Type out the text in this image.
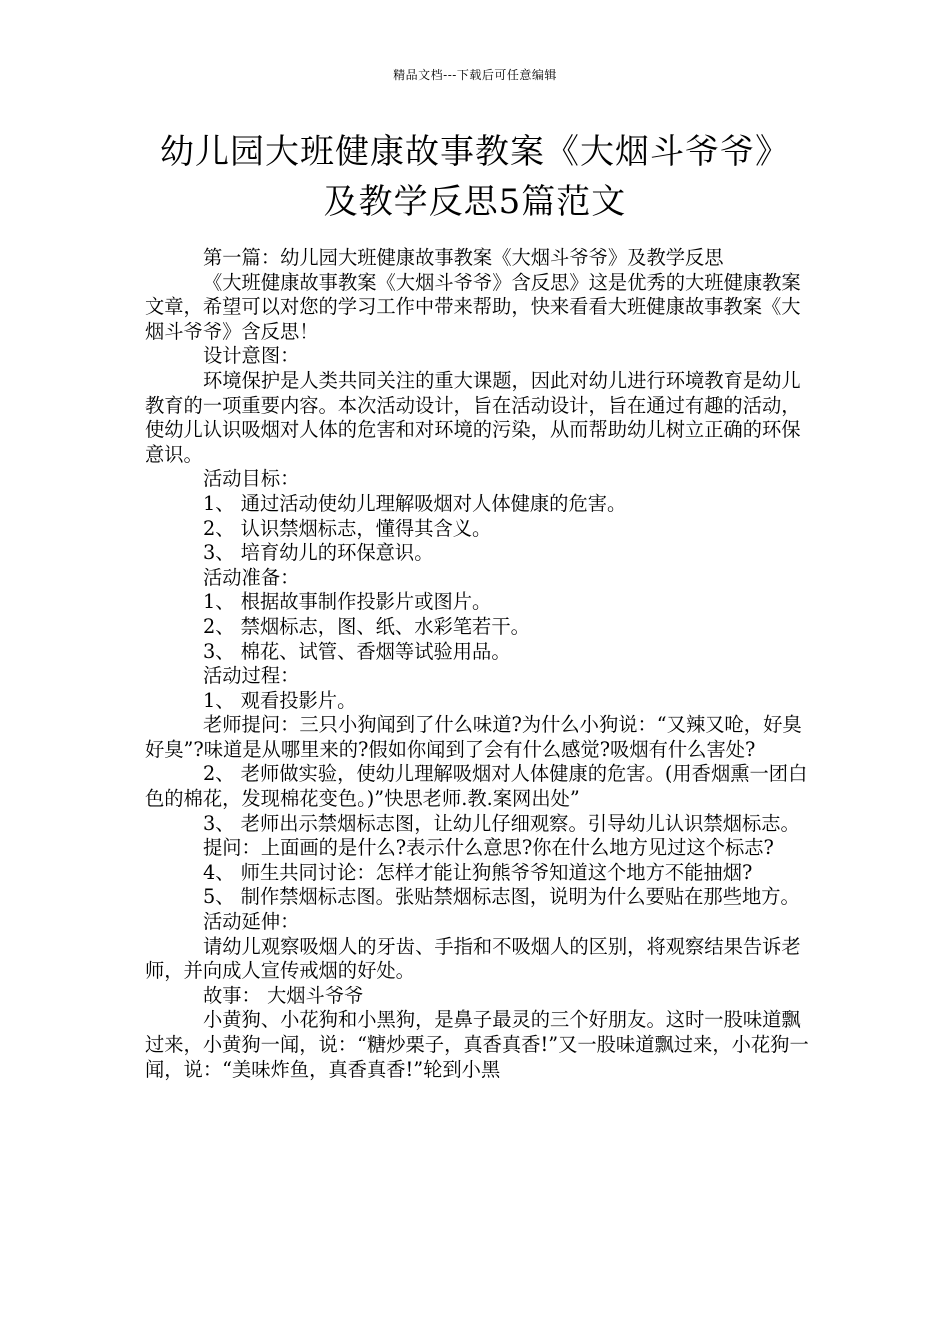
精品文档---下载后可任意编辑
幼儿园大班健康故事教案《大烟斗爷爷》
及教学反思5篇范文

第一篇：幼儿园大班健康故事教案《大烟斗爷爷》及教学反思

《大班健康故事教案《大烟斗爷爷》含反思》这是优秀的大班健康教案文章，希望可以对您的学习工作中带来帮助，快来看看大班健康故事教案《大烟斗爷爷》含反思！

设计意图：

环境保护是人类共同关注的重大课题，因此对幼儿进行环境教育是幼儿教育的一项重要内容。本次活动设计，旨在活动设计，旨在通过有趣的活动，使幼儿认识吸烟对人体的危害和对环境的污染，从而帮助幼儿树立正确的环保意识。

活动目标：

1、 通过活动使幼儿理解吸烟对人体健康的危害。

2、 认识禁烟标志，懂得其含义。

3、 培育幼儿的环保意识。

活动准备：

1、 根据故事制作投影片或图片。

2、 禁烟标志，图、纸、水彩笔若干。

3、 棉花、试管、香烟等试验用品。

活动过程：

1、 观看投影片。

老师提问：三只小狗闻到了什么味道?为什么小狗说：“又辣又呛，好臭好臭”?味道是从哪里来的?假如你闻到了会有什么感觉?吸烟有什么害处?

2、 老师做实验，使幼儿理解吸烟对人体健康的危害。(用香烟熏一团白色的棉花，发现棉花变色。)”快思老师.教.案网出处”

3、 老师出示禁烟标志图，让幼儿仔细观察。引导幼儿认识禁烟标志。

提问：上面画的是什么?表示什么意思?你在什么地方见过这个标志?

4、 师生共同讨论：怎样才能让狗熊爷爷知道这个地方不能抽烟?

5、 制作禁烟标志图。张贴禁烟标志图，说明为什么要贴在那些地方。

活动延伸：

请幼儿观察吸烟人的牙齿、手指和不吸烟人的区别，将观察结果告诉老师，并向成人宣传戒烟的好处。

故事： 大烟斗爷爷

小黄狗、小花狗和小黑狗，是鼻子最灵的三个好朋友。这时一股味道飘过来，小黄狗一闻，说：“糖炒栗子，真香真香!”又一股味道飘过来，小花狗一闻，说：“美味炸鱼，真香真香!”轮到小黑
